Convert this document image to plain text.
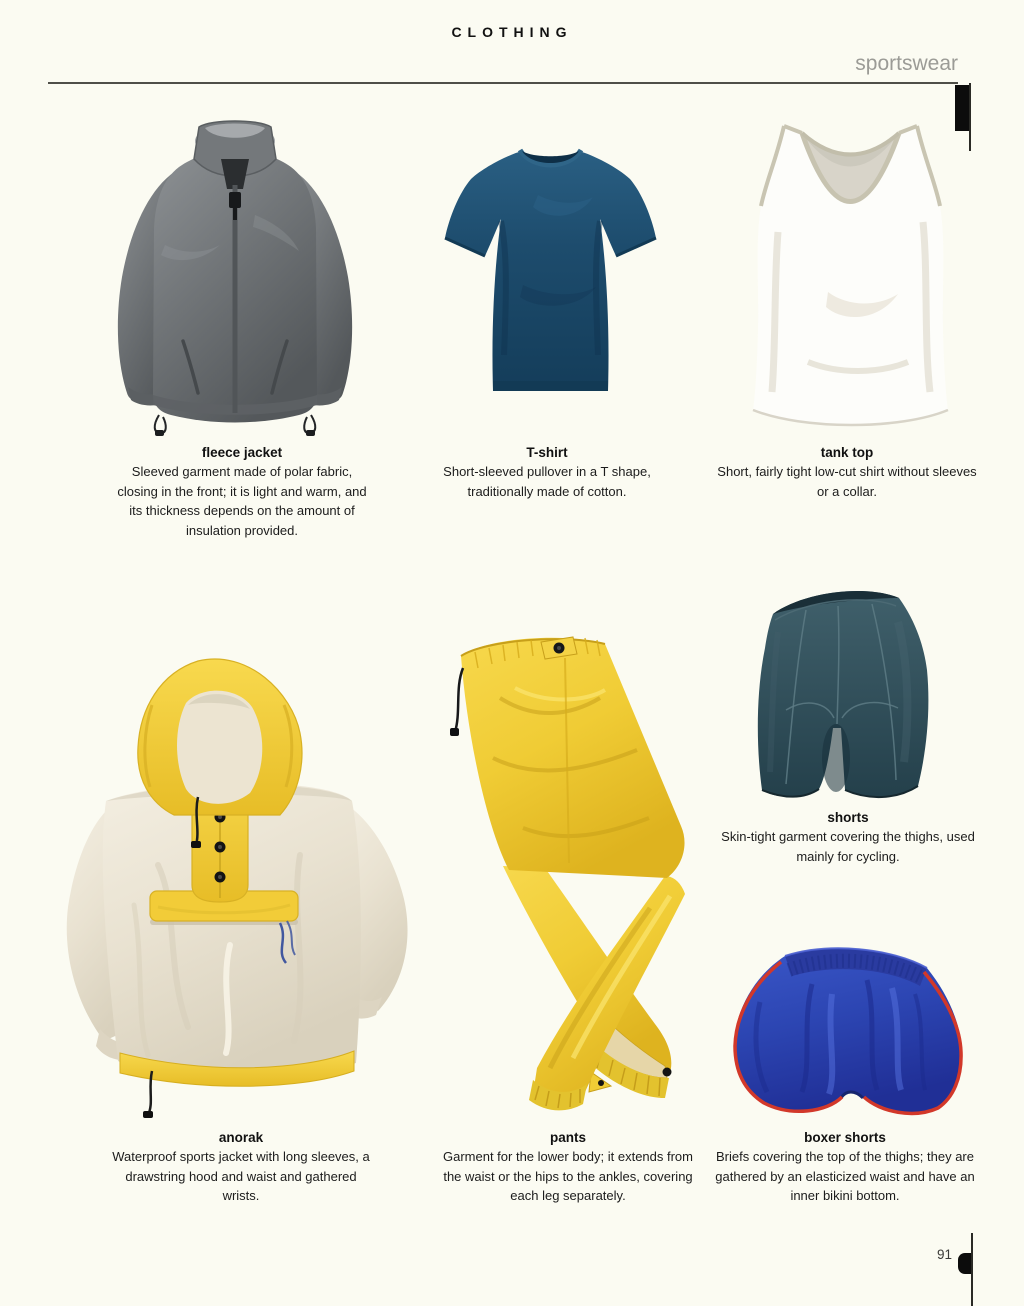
CLOTHING
sportswear
fleece jacket
Sleeved garment made of polar fabric, closing in the front; it is light and warm, and its thickness depends on the amount of insulation provided.
T-shirt
Short-sleeved pullover in a T shape, traditionally made of cotton.
tank top
Short, fairly tight low-cut shirt without sleeves or a collar.
shorts
Skin-tight garment covering the thighs, used mainly for cycling.
anorak
Waterproof sports jacket with long sleeves, a drawstring hood and waist and gathered wrists.
pants
Garment for the lower body; it extends from the waist or the hips to the ankles, covering each leg separately.
boxer shorts
Briefs covering the top of the thighs; they are gathered by an elasticized waist and have an inner bikini bottom.
91
